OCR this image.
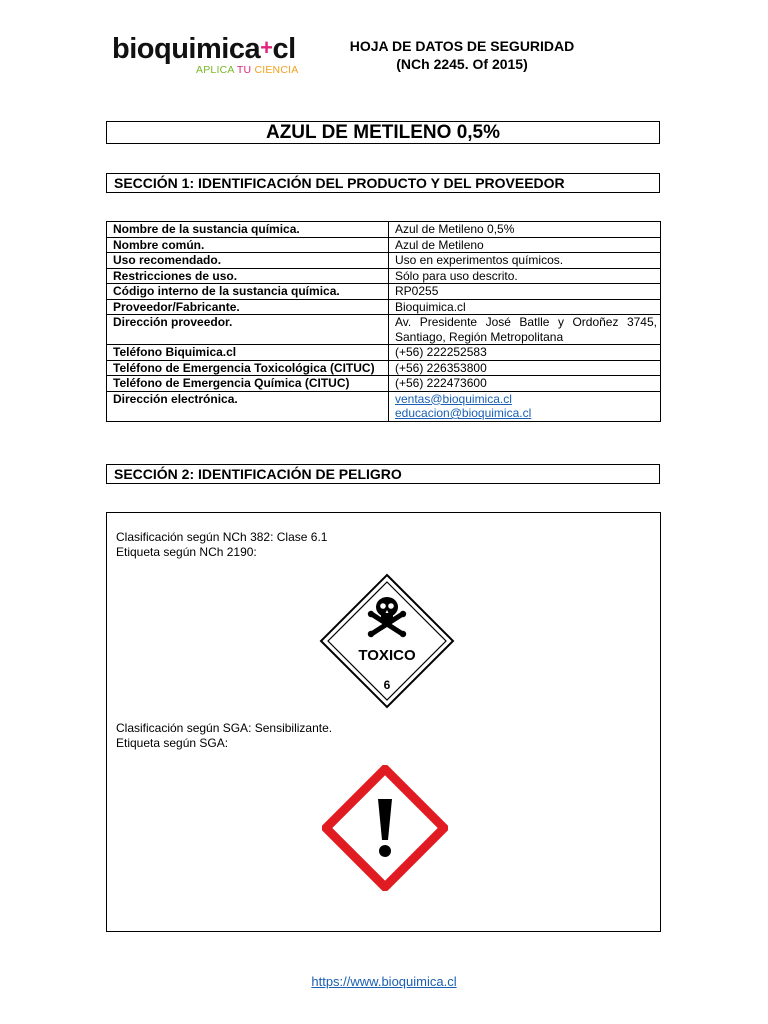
bioquimica+cl
APLICA TU CIENCIA
HOJA DE DATOS DE SEGURIDAD
(NCh 2245. Of 2015)
AZUL DE METILENO 0,5%
SECCIÓN 1: IDENTIFICACIÓN DEL PRODUCTO Y DEL PROVEEDOR
Nombre de la sustancia química.	Azul de Metileno 0,5%
Nombre común.	Azul de Metileno
Uso recomendado.	Uso en experimentos químicos.
Restricciones de uso.	Sólo para uso descrito.
Código interno de la sustancia química.	RP0255
Proveedor/Fabricante.	Bioquimica.cl
Dirección proveedor.	Av. Presidente José Batlle y Ordoñez 3745, Santiago, Región Metropolitana
Teléfono Biquimica.cl	(+56) 222252583
Teléfono de Emergencia Toxicológica (CITUC)	(+56) 226353800
Teléfono de Emergencia Química (CITUC)	(+56) 222473600
Dirección electrónica.	ventas@bioquimica.cl
educacion@bioquimica.cl
SECCIÓN 2: IDENTIFICACIÓN DE PELIGRO
Clasificación según NCh 382: Clase 6.1
Etiqueta según NCh 2190:
TOXICO
6
Clasificación según SGA: Sensibilizante.
Etiqueta según SGA:
https://www.bioquimica.cl
